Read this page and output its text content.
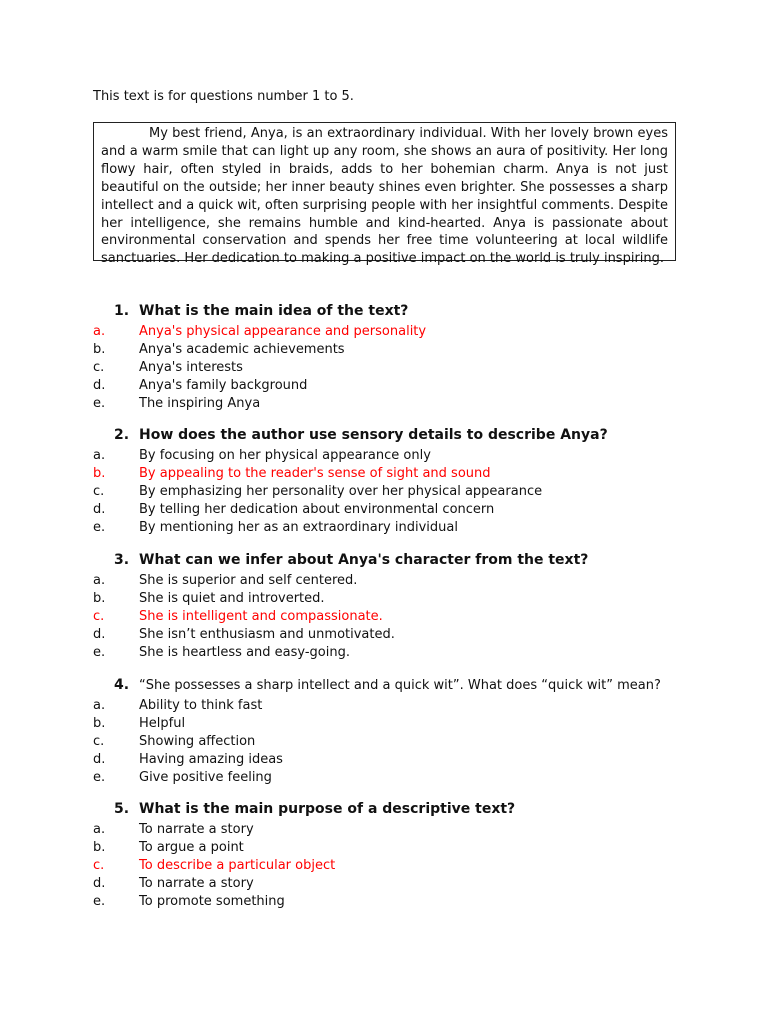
This text is for questions number 1 to 5.
My best friend, Anya, is an extraordinary individual. With her lovely brown eyes and a warm smile that can light up any room, she shows an aura of positivity. Her long flowy hair, often styled in braids, adds to her bohemian charm. Anya is not just beautiful on the outside; her inner beauty shines even brighter. She possesses a sharp intellect and a quick wit, often surprising people with her insightful comments. Despite her intelligence, she remains humble and kind-hearted. Anya is passionate about environmental conservation and spends her free time volunteering at local wildlife sanctuaries. Her dedication to making a positive impact on the world is truly inspiring.
1. What is the main idea of the text?
a.	Anya's physical appearance and personality
b.	Anya's academic achievements
c.	Anya's interests
d.	Anya's family background
e.	The inspiring Anya
2. How does the author use sensory details to describe Anya?
a.	By focusing on her physical appearance only
b.	By appealing to the reader's sense of sight and sound
c.	By emphasizing her personality over her physical appearance
d.	By telling her dedication about environmental concern
e.	By mentioning her as an extraordinary individual
3. What can we infer about Anya's character from the text?
a.	She is superior and self centered.
b.	She is quiet and introverted.
c.	She is intelligent and compassionate.
d.	She isn’t enthusiasm and unmotivated.
e.	She is heartless and easy-going.
4. “She possesses a sharp intellect and a quick wit”. What does “quick wit” mean?
a.	Ability to think fast
b.	Helpful
c.	Showing affection
d.	Having amazing ideas
e.	Give positive feeling
5. What is the main purpose of a descriptive text?
a.	To narrate a story
b.	To argue a point
c.	To describe a particular object
d.	To narrate a story
e.	To promote something
